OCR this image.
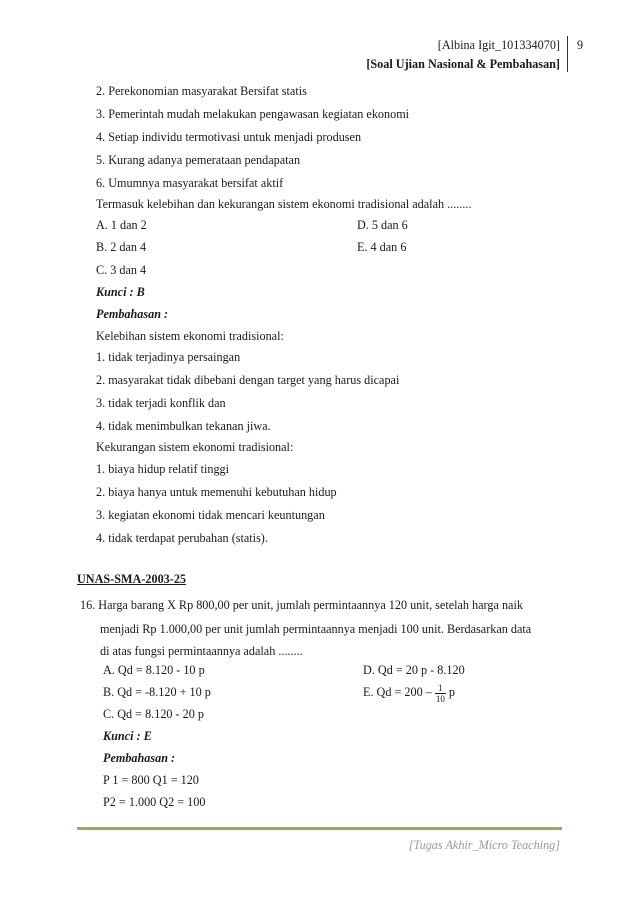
[Albina Igit_101334070]
[Soal Ujian Nasional & Pembahasan]
9
2. Perekonomian masyarakat Bersifat statis
3. Pemerintah mudah melakukan pengawasan kegiatan ekonomi
4. Setiap individu termotivasi untuk menjadi produsen
5. Kurang adanya pemerataan pendapatan
6. Umumnya masyarakat bersifat aktif
Termasuk kelebihan dan kekurangan sistem ekonomi tradisional adalah ........
A. 1 dan 2	D. 5 dan 6
B. 2 dan 4	E. 4 dan 6
C. 3 dan 4
Kunci : B
Pembahasan :
Kelebihan sistem ekonomi tradisional:
1. tidak terjadinya persaingan
2. masyarakat tidak dibebani dengan target yang harus dicapai
3. tidak terjadi konflik dan
4. tidak menimbulkan tekanan jiwa.
Kekurangan sistem ekonomi tradisional:
1. biaya hidup relatif tinggi
2. biaya hanya untuk memenuhi kebutuhan hidup
3. kegiatan ekonomi tidak mencari keuntungan
4. tidak terdapat perubahan (statis).
UNAS-SMA-2003-25
16. Harga barang X Rp 800,00 per unit, jumlah permintaannya 120 unit, setelah harga naik
menjadi Rp 1.000,00 per unit jumlah permintaannya menjadi 100 unit. Berdasarkan data
di atas fungsi permintaannya adalah ........
A. Qd = 8.120 - 10 p	D. Qd = 20 p - 8.120
B. Qd = -8.120 + 10 p	E. $Qd = 200 - \frac{1}{10}$ p
C. Qd = 8.120 - 20 p
Kunci : E
Pembahasan :
P 1 = 800 Q1 = 120
P2 = 1.000 Q2 = 100
[Tugas Akhir_Micro Teaching]
